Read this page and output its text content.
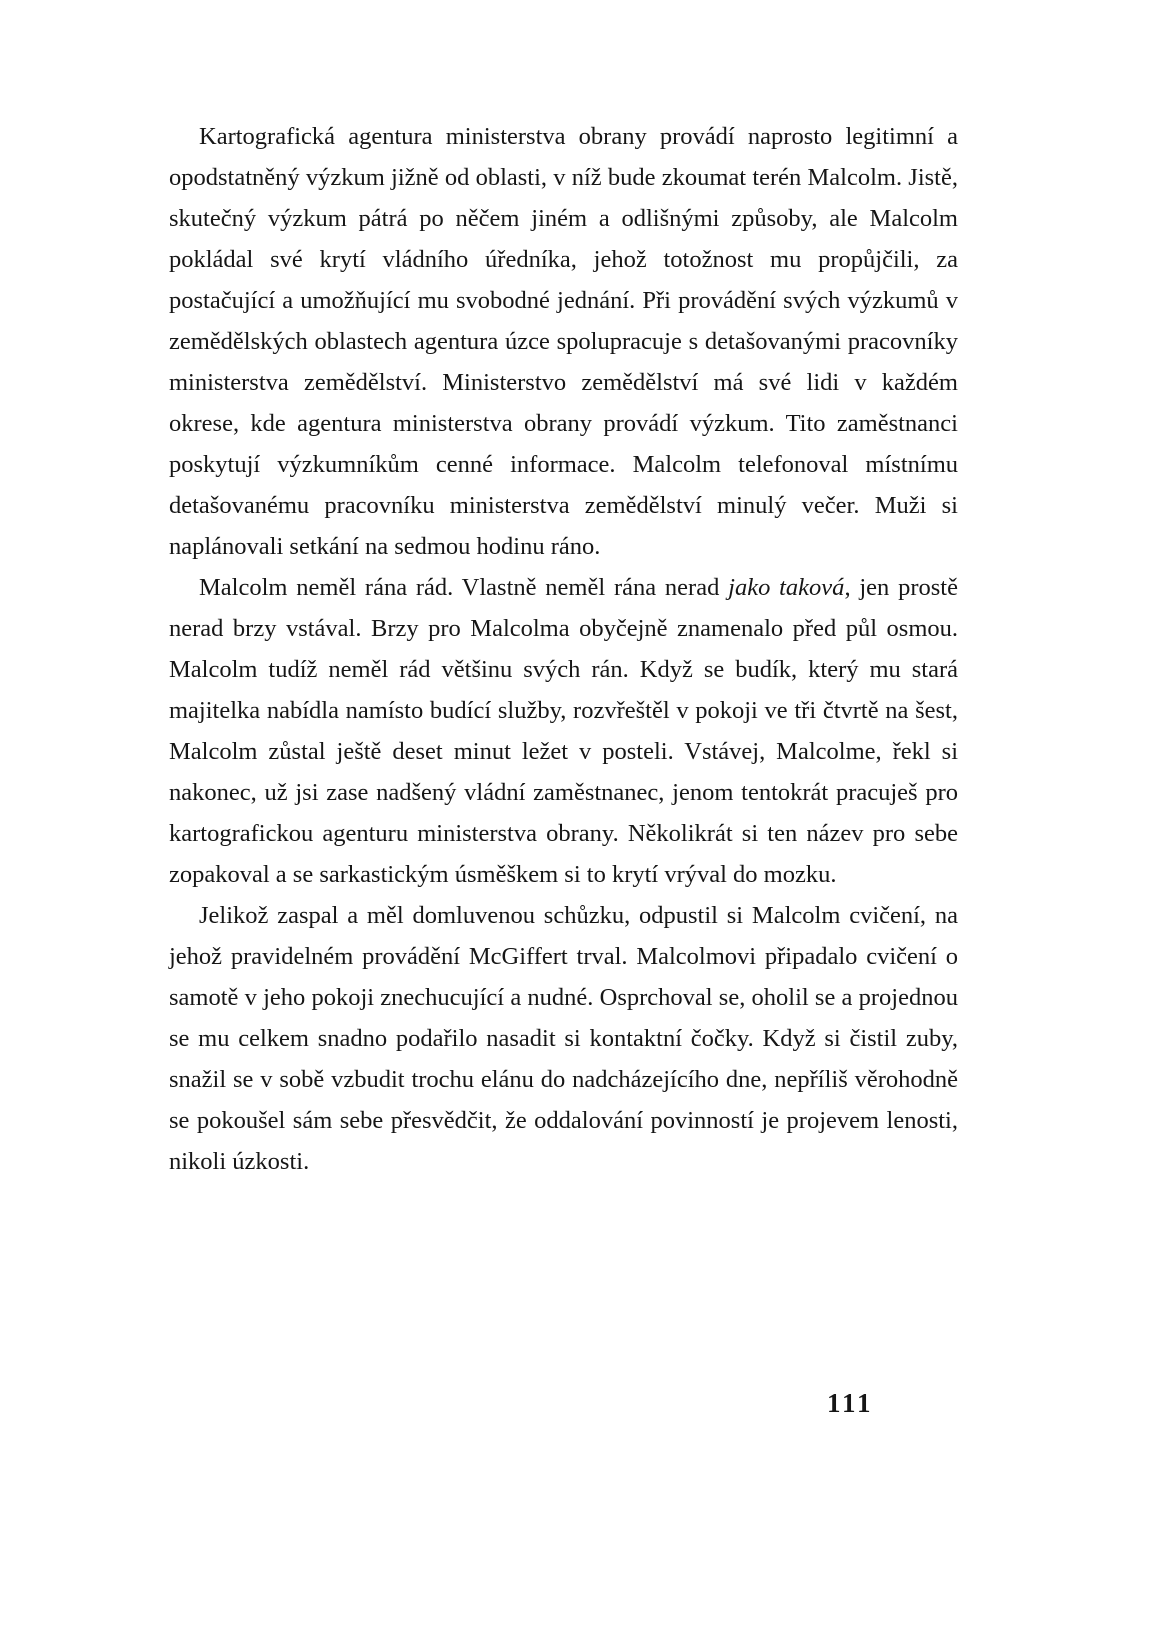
Kartografická agentura ministerstva obrany provádí naprosto legitimní a opodstatněný výzkum jižně od oblasti, v níž bude zkoumat terén Malcolm. Jistě, skutečný výzkum pátrá po něčem jiném a odlišnými způsoby, ale Malcolm pokládal své krytí vládního úředníka, jehož totožnost mu propůjčili, za postačující a umožňující mu svobodné jednání. Při provádění svých výzkumů v zemědělských oblastech agentura úzce spolupracuje s detašovanými pracovníky ministerstva zemědělství. Ministerstvo zemědělství má své lidi v každém okrese, kde agentura ministerstva obrany provádí výzkum. Tito zaměstnanci poskytují výzkumníkům cenné informace. Malcolm telefonoval místnímu detašovanému pracovníku ministerstva zemědělství minulý večer. Muži si naplánovali setkání na sedmou hodinu ráno.

Malcolm neměl rána rád. Vlastně neměl rána nerad jako taková, jen prostě nerad brzy vstával. Brzy pro Malcolma obyčejně znamenalo před půl osmou. Malcolm tudíž neměl rád většinu svých rán. Když se budík, který mu stará majitelka nabídla namísto budící služby, rozvřeštěl v pokoji ve tři čtvrtě na šest, Malcolm zůstal ještě deset minut ležet v posteli. Vstávej, Malcolme, řekl si nakonec, už jsi zase nadšený vládní zaměstnanec, jenom tentokrát pracuješ pro kartografickou agenturu ministerstva obrany. Několikrát si ten název pro sebe zopakoval a se sarkastickým úsměškem si to krytí vrýval do mozku.

Jelikož zaspal a měl domluvenou schůzku, odpustil si Malcolm cvičení, na jehož pravidelném provádění McGiffert trval. Malcolmovi připadalo cvičení o samotě v jeho pokoji znechucující a nudné. Osprchoval se, oholil se a projednou se mu celkem snadno podařilo nasadit si kontaktní čočky. Když si čistil zuby, snažil se v sobě vzbudit trochu elánu do nadcházejícího dne, nepříliš věrohodně se pokoušel sám sebe přesvědčit, že oddalování povinností je projevem lenosti, nikoli úzkosti.

111
